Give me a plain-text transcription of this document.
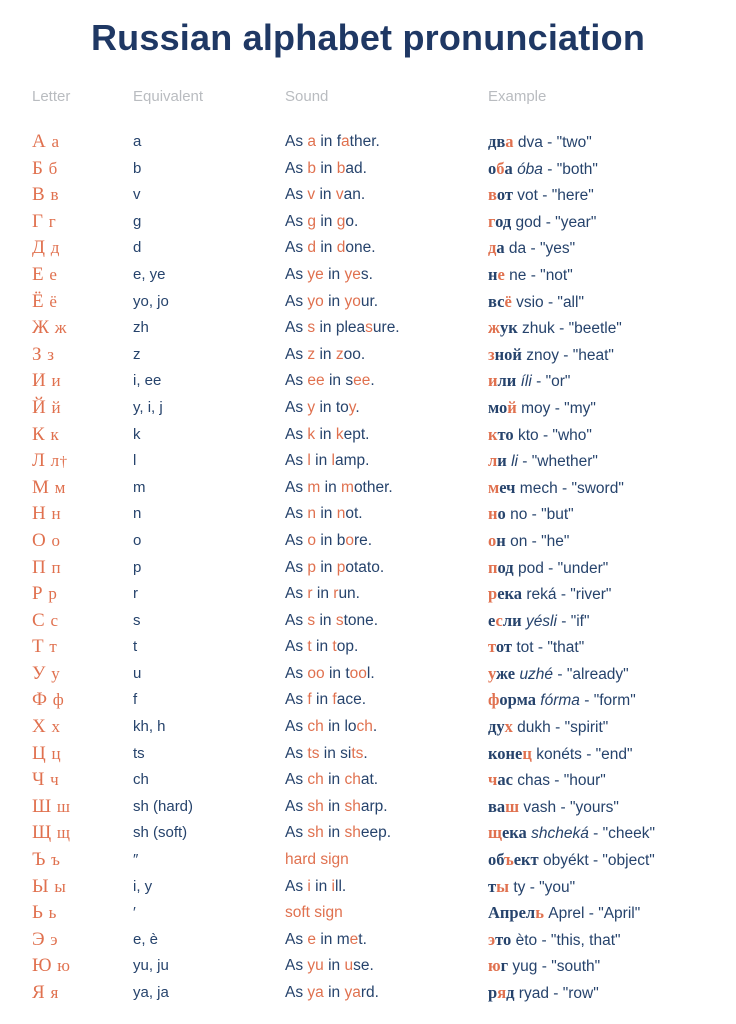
Russian alphabet pronunciation
Letter	Equivalent	Sound	Example
А а	a	As a in father.	два dva - "two"
Б б	b	As b in bad.	оба óba - "both"
В в	v	As v in van.	вот vot - "here"
Г г	g	As g in go.	год god - "year"
Д д	d	As d in done.	да da - "yes"
Е е	e, ye	As ye in yes.	не ne - "not"
Ё ё	yo, jo	As yo in your.	всё vsio - "all"
Ж ж	zh	As s in pleasure.	жук zhuk - "beetle"
З з	z	As z in zoo.	зной znoy - "heat"
И и	i, ee	As ee in see.	или íli - "or"
Й й	y, i, j	As y in toy.	мой moy - "my"
К к	k	As k in kept.	кто kto - "who"
Л л†	l	As l in lamp.	ли li - "whether"
М м	m	As m in mother.	меч mech - "sword"
Н н	n	As n in not.	но no - "but"
О о	o	As o in bore.	он on - "he"
П п	p	As p in potato.	под pod - "under"
Р р	r	As r in run.	река reká - "river"
С с	s	As s in stone.	если yésli - "if"
Т т	t	As t in top.	тот tot - "that"
У у	u	As oo in tool.	уже uzhé - "already"
Ф ф	f	As f in face.	форма fórma - "form"
Х х	kh, h	As ch in loch.	дух dukh - "spirit"
Ц ц	ts	As ts in sits.	конец konéts - "end"
Ч ч	ch	As ch in chat.	час chas - "hour"
Ш ш	sh (hard)	As sh in sharp.	ваш vash - "yours"
Щ щ	sh (soft)	As sh in sheep.	щека shcheká - "cheek"
Ъ ъ	″	hard sign	объект obyékt - "object"
Ы ы	i, y	As i in ill.	ты ty - "you"
Ь ь	′	soft sign	Апрель Aprel - "April"
Э э	e, è	As e in met.	это èto - "this, that"
Ю ю	yu, ju	As yu in use.	юг yug - "south"
Я я	ya, ja	As ya in yard.	ряд ryad - "row"
